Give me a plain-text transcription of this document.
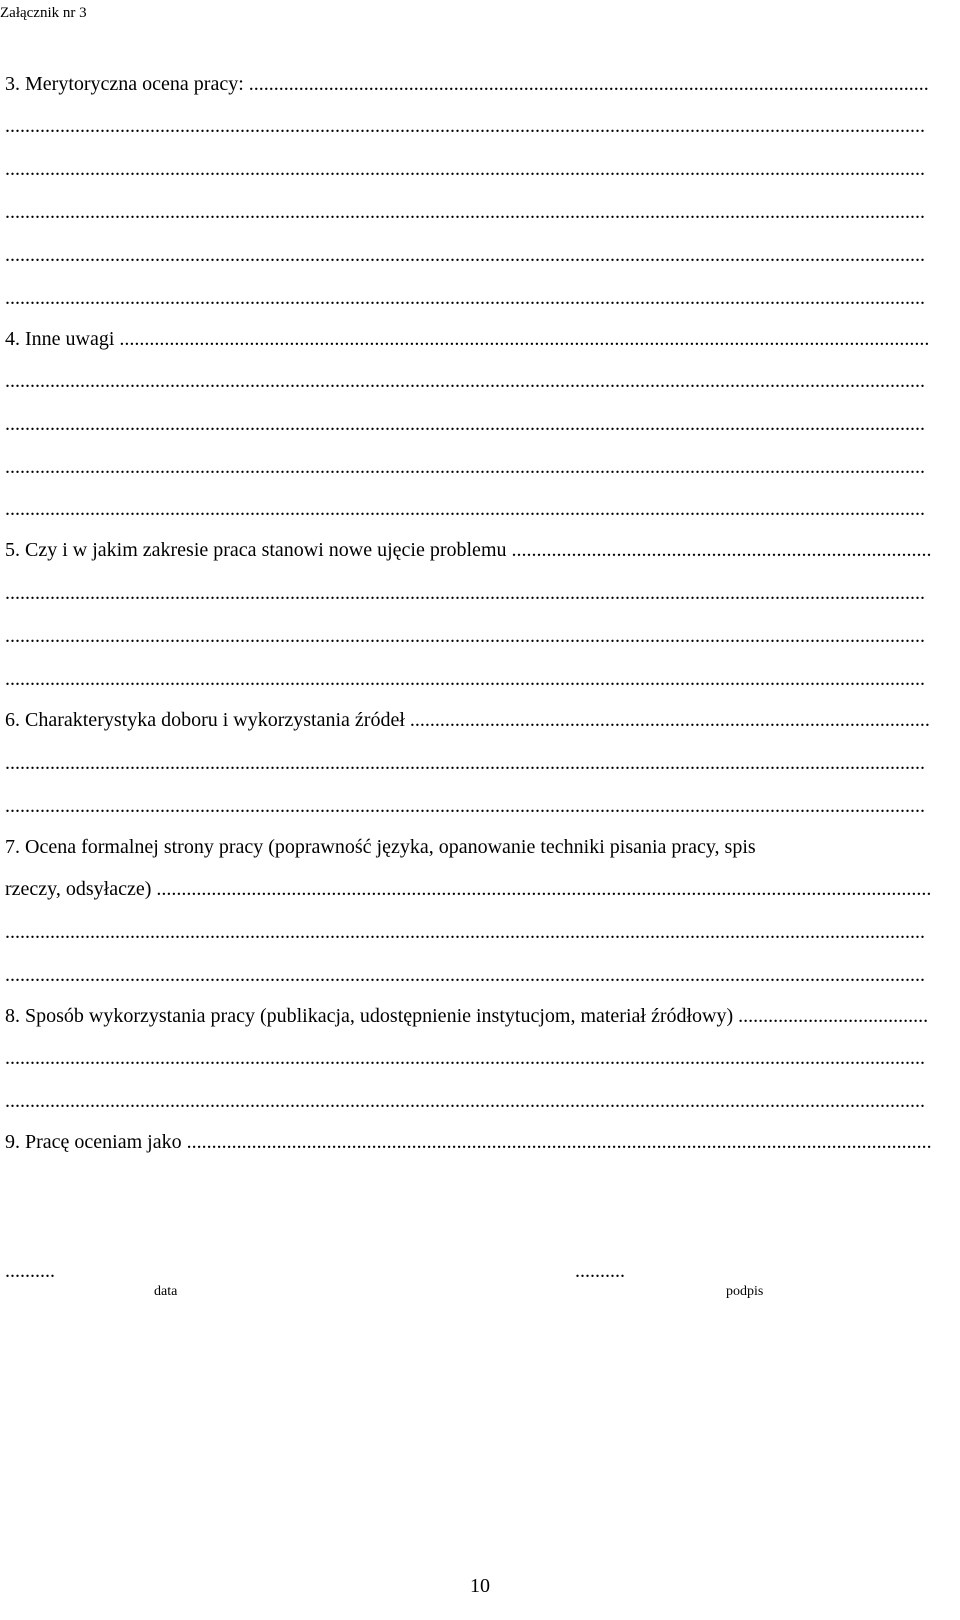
Załącznik nr 3
3. Merytoryczna ocena pracy: ........................................................................................................................................
........................................................................................................................................................................................
........................................................................................................................................................................................
........................................................................................................................................................................................
........................................................................................................................................................................................
........................................................................................................................................................................................
4. Inne uwagi ..................................................................................................................................................................
........................................................................................................................................................................................
........................................................................................................................................................................................
........................................................................................................................................................................................
........................................................................................................................................................................................
5. Czy i w jakim zakresie praca stanowi nowe ujęcie problemu ....................................................................................
........................................................................................................................................................................................
........................................................................................................................................................................................
........................................................................................................................................................................................
6. Charakterystyka doboru i wykorzystania źródeł ........................................................................................................
........................................................................................................................................................................................
........................................................................................................................................................................................
7. Ocena formalnej strony pracy (poprawność języka, opanowanie techniki pisania pracy, spis
rzeczy, odsyłacze) ...........................................................................................................................................................
........................................................................................................................................................................................
........................................................................................................................................................................................
8. Sposób wykorzystania pracy (publikacja, udostępnienie instytucjom, materiał źródłowy) ......................................
........................................................................................................................................................................................
........................................................................................................................................................................................
9. Pracę oceniam jako .....................................................................................................................................................
..........	..........
data	podpis
10
